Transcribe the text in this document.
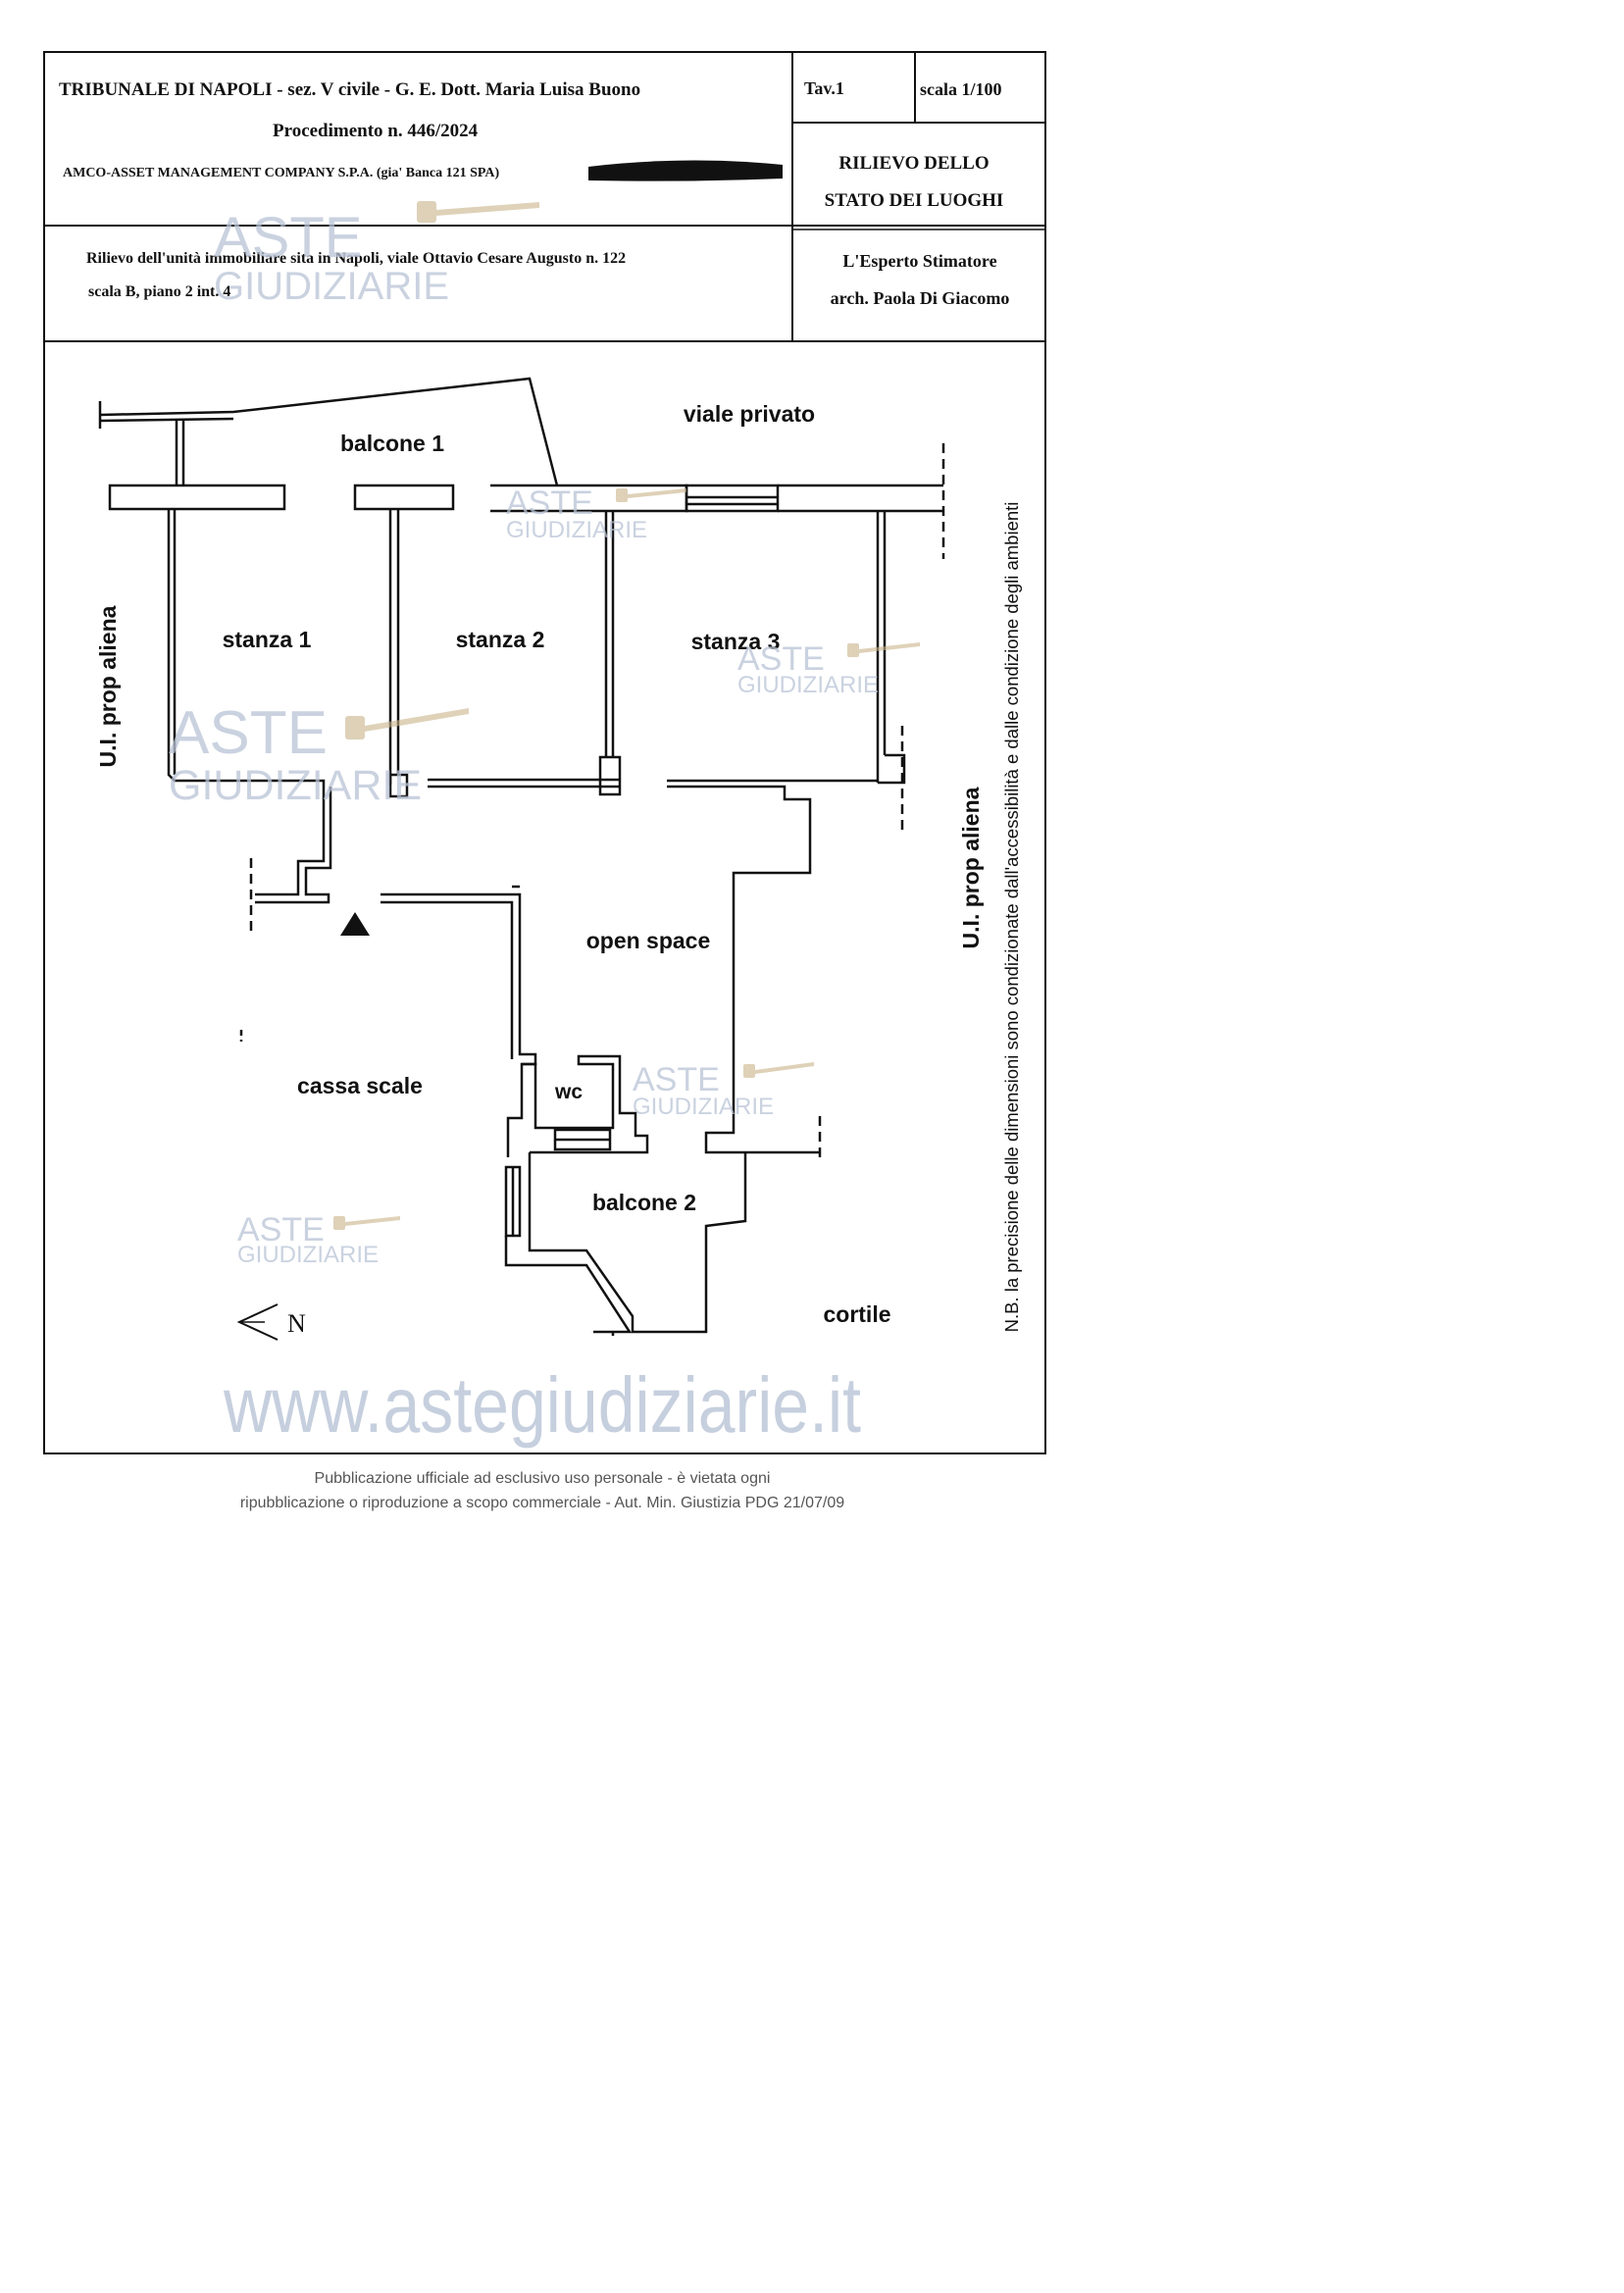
TRIBUNALE DI NAPOLI - sez. V civile - G. E. Dott. Maria Luisa Buono
Procedimento n. 446/2024
AMCO-ASSET MANAGEMENT COMPANY S.P.A. (gia' Banca 121 SPA)
Tav.1	scala 1/100
RILIEVO DELLO
STATO DEI LUOGHI
Rilievo dell'unità immobiliare sita in Napoli, viale Ottavio Cesare Augusto n. 122
scala B, piano 2 int. 4
L'Esperto Stimatore
arch. Paola Di Giacomo
N
balcone 1
viale privato
stanza 1	stanza 2	stanza 3
open space
cassa scale	wc
balcone 2
cortile
U.I. prop aliena
U.I. prop aliena N.B. la precisione delle dimensioni sono condizionate dall'accessibilità e dalle condizione degli ambienti
ASTE
GIUDIZIARIE
ASTE
GIUDIZIARIE
ASTE
GIUDIZIARIE
ASTE
GIUDIZIARIE
ASTE
GIUDIZIARIE
ASTE
GIUDIZIARIE
www.astegiudiziarie.it
Pubblicazione ufficiale ad esclusivo uso personale - è vietata ogni
ripubblicazione o riproduzione a scopo commerciale - Aut. Min. Giustizia PDG 21/07/09
